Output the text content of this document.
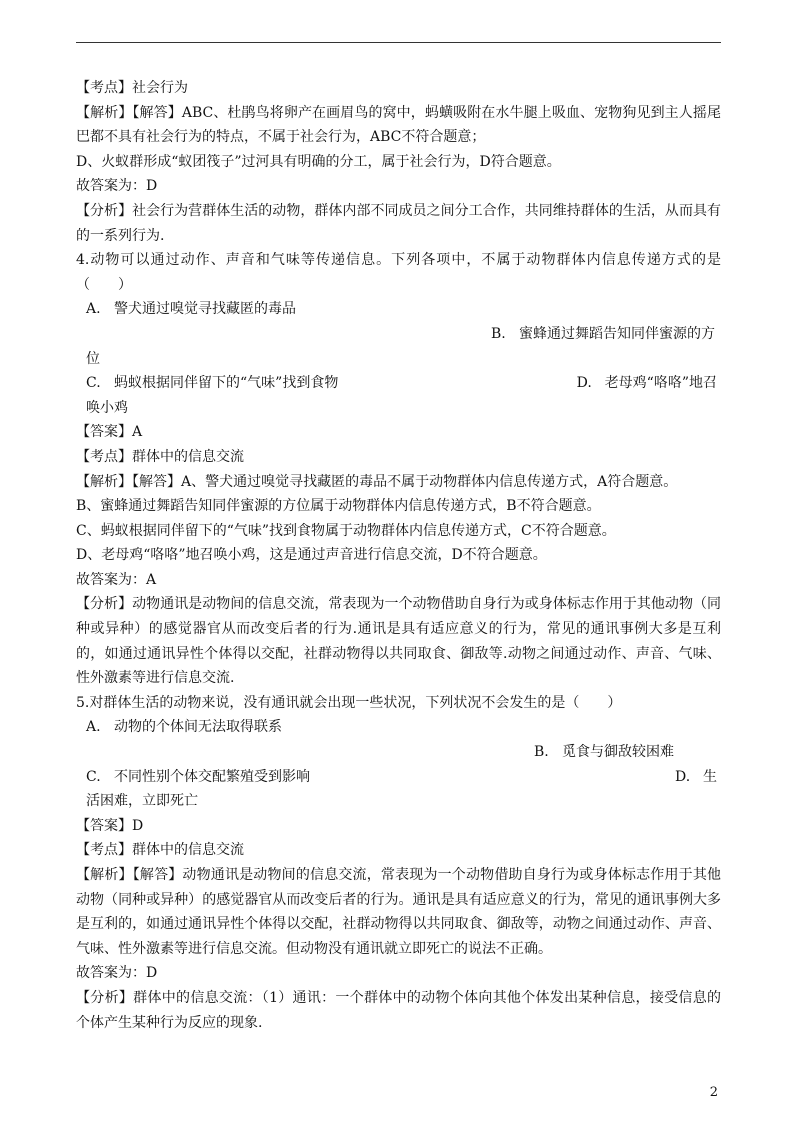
【考点】社会行为

【解析】【解答】ABC、杜鹃鸟将卵产在画眉鸟的窝中，蚂蟥吸附在水牛腿上吸血、宠物狗见到主人摇尾巴都不具有社会行为的特点，不属于社会行为，ABC不符合题意；

D、火蚁群形成“蚁团筏子”过河具有明确的分工，属于社会行为，D符合题意。

故答案为：D

【分析】社会行为营群体生活的动物，群体内部不同成员之间分工合作，共同维持群体的生活，从而具有的一系列行为.

4.动物可以通过动作、声音和气味等传递信息。下列各项中，不属于动物群体内信息传递方式的是（　　）

A. 警犬通过嗅觉寻找藏匿的毒品
B. 蜜蜂通过舞蹈告知同伴蜜源的方
位
C. 蚂蚁根据同伴留下的“气味”找到食物	D. 老母鸡“咯咯”地召
唤小鸡

【答案】A

【考点】群体中的信息交流

【解析】【解答】A、警犬通过嗅觉寻找藏匿的毒品不属于动物群体内信息传递方式，A符合题意。

B、蜜蜂通过舞蹈告知同伴蜜源的方位属于动物群体内信息传递方式，B不符合题意。

C、蚂蚁根据同伴留下的“气味”找到食物属于动物群体内信息传递方式，C不符合题意。

D、老母鸡“咯咯”地召唤小鸡，这是通过声音进行信息交流，D不符合题意。

故答案为：A

【分析】动物通讯是动物间的信息交流，常表现为一个动物借助自身行为或身体标志作用于其他动物（同种或异种）的感觉器官从而改变后者的行为.通讯是具有适应意义的行为，常见的通讯事例大多是互利的，如通过通讯异性个体得以交配，社群动物得以共同取食、御敌等.动物之间通过动作、声音、气味、性外激素等进行信息交流.

5.对群体生活的动物来说，没有通讯就会出现一些状况，下列状况不会发生的是（　　）

A. 动物的个体间无法取得联系
B. 觅食与御敌较困难
C. 不同性别个体交配繁殖受到影响	D. 生
活困难，立即死亡

【答案】D

【考点】群体中的信息交流

【解析】【解答】动物通讯是动物间的信息交流，常表现为一个动物借助自身行为或身体标志作用于其他动物（同种或异种）的感觉器官从而改变后者的行为。通讯是具有适应意义的行为，常见的通讯事例大多是互利的，如通过通讯异性个体得以交配，社群动物得以共同取食、御敌等，动物之间通过动作、声音、气味、性外激素等进行信息交流。但动物没有通讯就立即死亡的说法不正确。

故答案为：D

【分析】群体中的信息交流：（1）通讯：一个群体中的动物个体向其他个体发出某种信息，接受信息的个体产生某种行为反应的现象.

2
